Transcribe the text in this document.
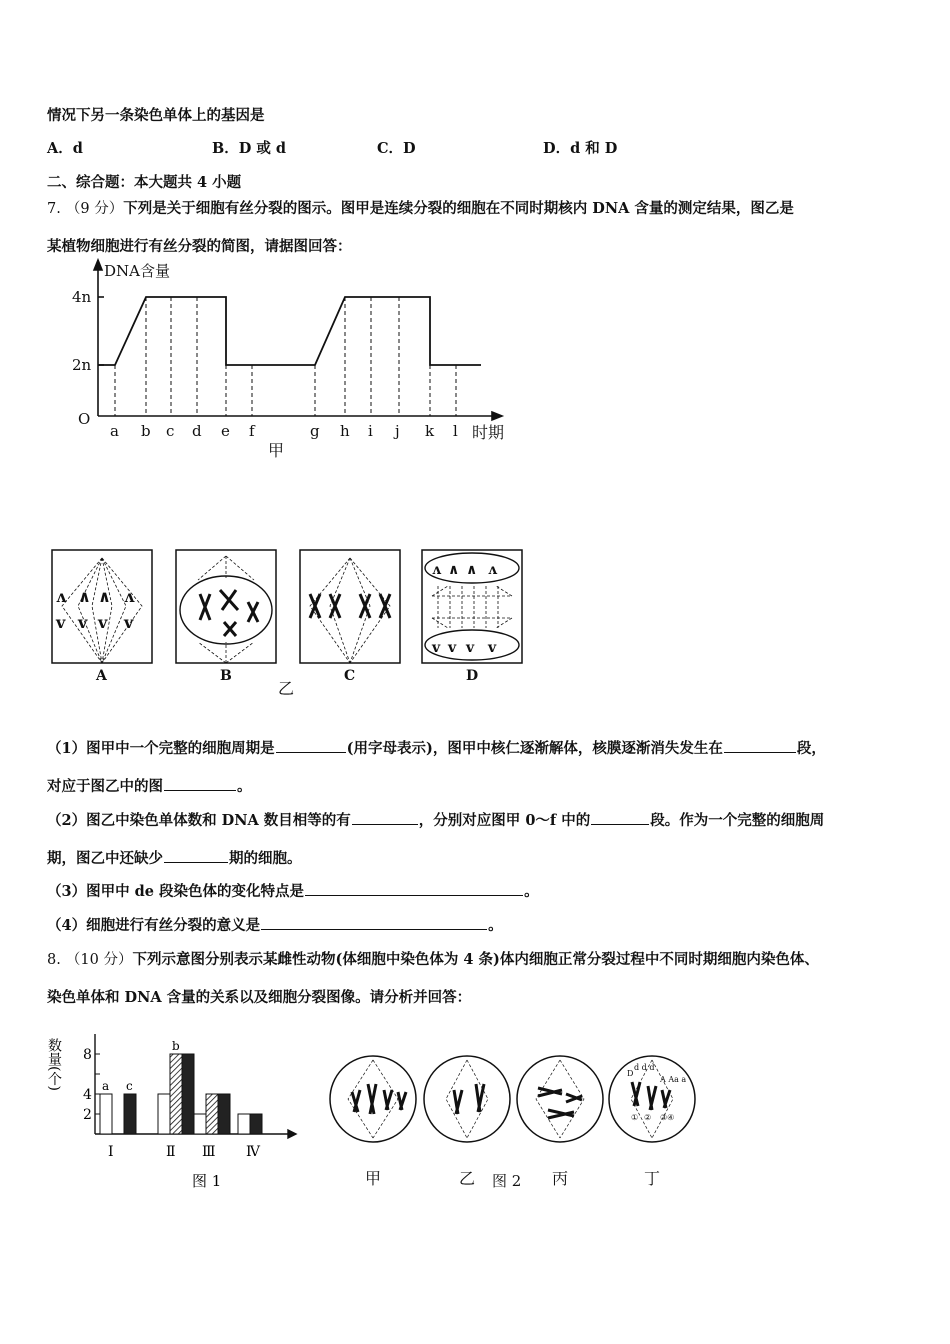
情况下另一条染色单体上的基因是
A．d	B．D 或 d	C．D	D．d 和 D
二、综合题：本大题共 4 小题
7. （9 分）下列是关于细胞有丝分裂的图示。图甲是连续分裂的细胞在不同时期核内 DNA 含量的测定结果，图乙是
某植物细胞进行有丝分裂的简图，请据图回答：
DNA含量
2n
4n
O
a b c d e f	g h i j k l 时期
甲
ʌ ∧ ∧ ʌ
v v v v
ʌ ∧ ∧ ʌ
v v v v
A	B	C	D
乙
（1）图甲中一个完整的细胞周期是	(用字母表示)，图甲中核仁逐渐解体，核膜逐渐消失发生在	段，
对应于图乙中的图	。
（2）图乙中染色单体数和 DNA 数目相等的有	，分别对应图甲 0～f 中的	段。作为一个完整的细胞周
期，图乙中还缺少	期的细胞。
（3）图甲中 de 段染色体的变化特点是	。
（4）细胞进行有丝分裂的意义是	。
8. （10 分）下列示意图分别表示某雌性动物(体细胞中染色体为 4 条)体内细胞正常分裂过程中不同时期细胞内染色体、
染色单体和 DNA 含量的关系以及细胞分裂图像。请分析并回答：
2
4
8
Ⅰ	Ⅱ Ⅲ Ⅳ
a c
b
数量(个)
图 1
D
d d d
A Aa a
① ② ③④
甲	乙	丙	丁
图 2
